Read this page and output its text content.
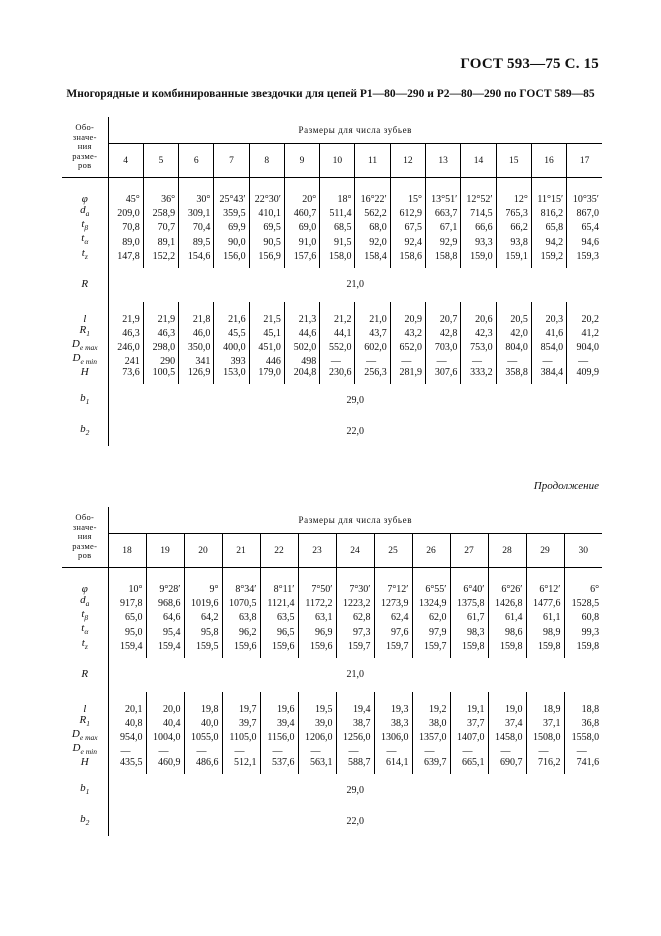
ГОСТ 593—75 С. 15
Многорядные и комбинированные звездочки для цепей Р1—80—290 и Р2—80—290 по ГОСТ 589—85
Обо-
значе-
ния
разме-
ров	Размеры для числа зубьев													
	4	5	6	7	8	9	10	11	12	13	14	15	16	17
φ	45°	36°	30°	25°43′	22°30′	20°	18°	16°22′	15°	13°51′	12°52′	12°	11°15′	10°35′
$d_a$	209,0	258,9	309,1	359,5	410,1	460,7	511,4	562,2	612,9	663,7	714,5	765,3	816,2	867,0
$t_\beta$	70,8	70,7	70,4	69,9	69,5	69,0	68,5	68,0	67,5	67,1	66,6	66,2	65,8	65,4
$t_\alpha$	89,0	89,1	89,5	90,0	90,5	91,0	91,5	92,0	92,4	92,9	93,3	93,8	94,2	94,6
$t_z$	147,8	152,2	154,6	156,0	156,9	157,6	158,0	158,4	158,6	158,8	159,0	159,1	159,2	159,3
R	21,0													
l	21,9	21,9	21,8	21,6	21,5	21,3	21,2	21,0	20,9	20,7	20,6	20,5	20,3	20,2
$R_1$	46,3	46,3	46,0	45,5	45,1	44,6	44,1	43,7	43,2	42,8	42,3	42,0	41,6	41,2
$D_{e max}$	246,0	298,0	350,0	400,0	451,0	502,0	552,0	602,0	652,0	703,0	753,0	804,0	854,0	904,0
$D_{e min}$	241	290	341	393	446	498	—	—	—	—	—	—	—	—
H	73,6	100,5	126,9	153,0	179,0	204,8	230,6	256,3	281,9	307,6	333,2	358,8	384,4	409,9
$b_1$	29,0													
$b_2$	22,0													
Продолжение
Обо-
значе-
ния
разме-
ров	Размеры для числа зубьев												
	18	19	20	21	22	23	24	25	26	27	28	29	30
φ	10°	9°28′	9°	8°34′	8°11′	7°50′	7°30′	7°12′	6°55′	6°40′	6°26′	6°12′	6°
$d_a$	917,8	968,6	1019,6	1070,5	1121,4	1172,2	1223,2	1273,9	1324,9	1375,8	1426,8	1477,6	1528,5
$t_\beta$	65,0	64,6	64,2	63,8	63,5	63,1	62,8	62,4	62,0	61,7	61,4	61,1	60,8
$t_\alpha$	95,0	95,4	95,8	96,2	96,5	96,9	97,3	97,6	97,9	98,3	98,6	98,9	99,3
$t_z$	159,4	159,4	159,5	159,6	159,6	159,6	159,7	159,7	159,7	159,8	159,8	159,8	159,8
R	21,0												
l	20,1	20,0	19,8	19,7	19,6	19,5	19,4	19,3	19,2	19,1	19,0	18,9	18,8
$R_1$	40,8	40,4	40,0	39,7	39,4	39,0	38,7	38,3	38,0	37,7	37,4	37,1	36,8
$D_{e max}$	954,0	1004,0	1055,0	1105,0	1156,0	1206,0	1256,0	1306,0	1357,0	1407,0	1458,0	1508,0	1558,0
$D_{e min}$	—	—	—	—	—	—	—	—	—	—	—	—	—
H	435,5	460,9	486,6	512,1	537,6	563,1	588,7	614,1	639,7	665,1	690,7	716,2	741,6
$b_1$	29,0												
$b_2$	22,0												
